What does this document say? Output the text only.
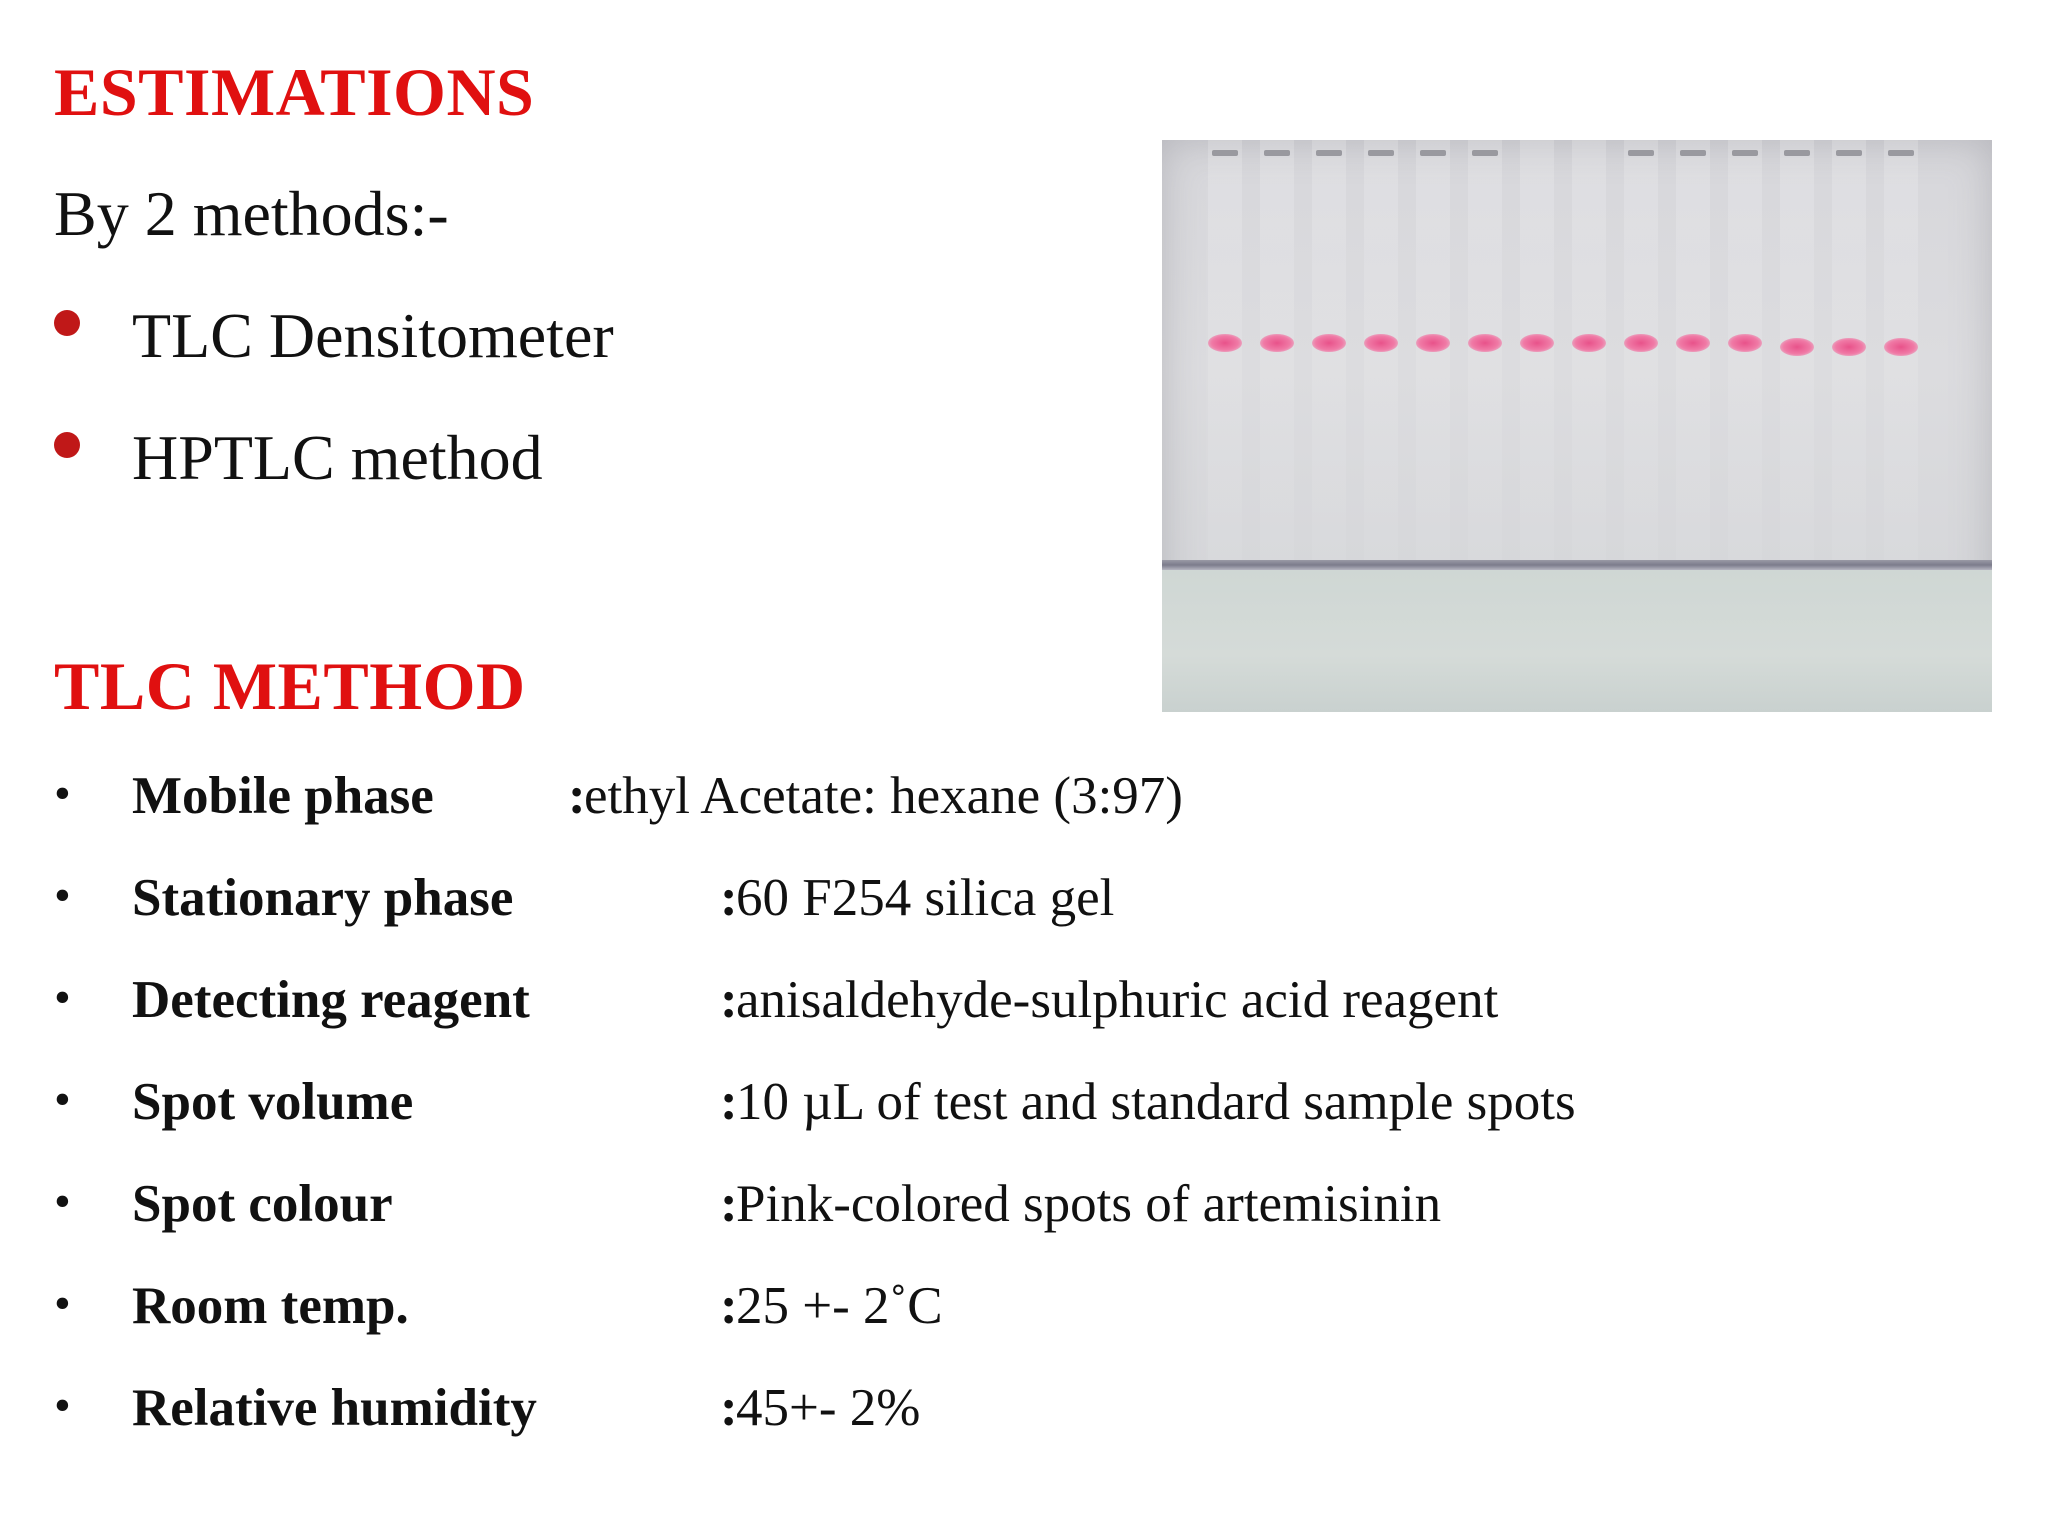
ESTIMATIONS
By 2 methods:-
TLC Densitometer
HPTLC method
TLC METHOD
• Mobile phase	:
ethyl Acetate: hexane (3:97)
• Stationary phase	:
60 F254 silica gel
• Detecting reagent	:
anisaldehyde-sulphuric acid reagent
• Spot volume	:
10 µL of test and standard sample spots
• Spot colour	:
Pink-colored spots of artemisinin
• Room temp.	:
25 +- 2˚C
• Relative humidity	:
45+- 2%
